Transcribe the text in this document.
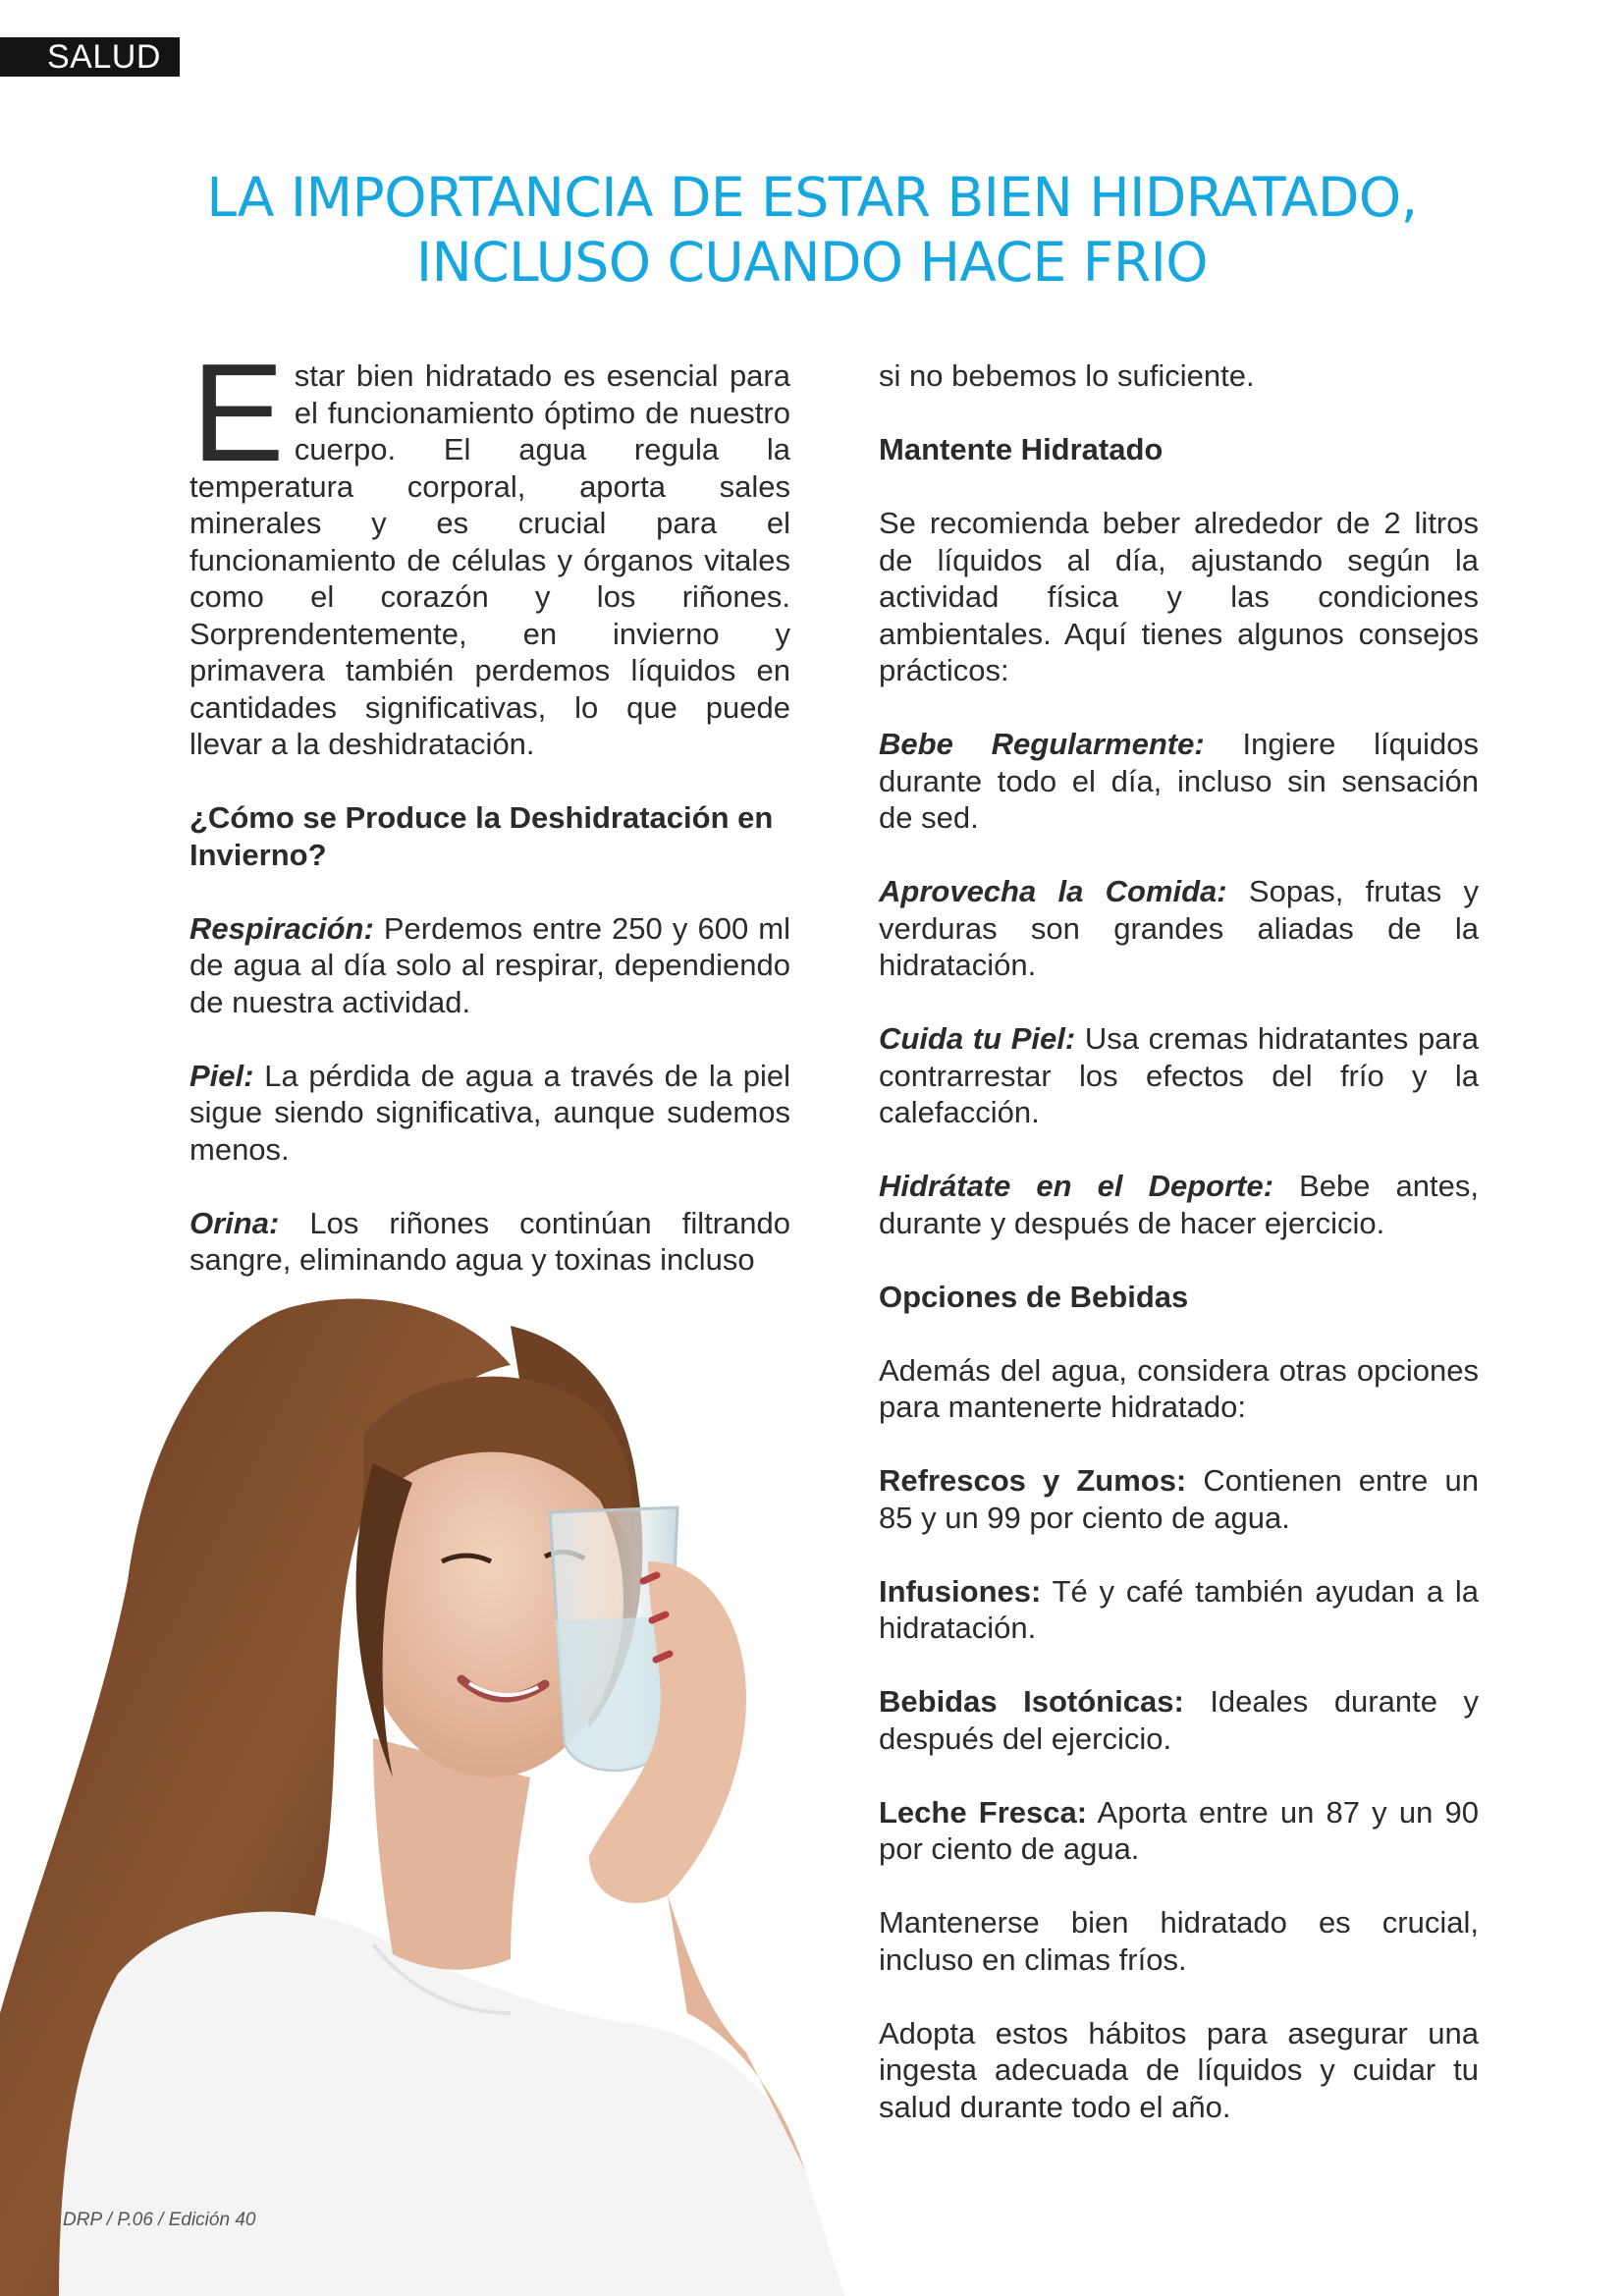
SALUD
LA IMPORTANCIA DE ESTAR BIEN HIDRATADO,
INCLUSO CUANDO HACE FRIO

Estar bien hidratado es esencial para el funcionamiento óptimo de nuestro cuerpo. El agua regula la temperatura corporal, aporta sales minerales y es crucial para el funcionamiento de células y órganos vitales como el corazón y los riñones. Sorprendentemente, en invierno y primavera también perdemos líquidos en cantidades significativas, lo que puede llevar a la deshidratación.

¿Cómo se Produce la Deshidratación en Invierno?

Respiración: Perdemos entre 250 y 600 ml de agua al día solo al respirar, dependiendo de nuestra actividad.

Piel: La pérdida de agua a través de la piel sigue siendo significativa, aunque sudemos menos.

Orina: Los riñones continúan filtrando sangre, eliminando agua y toxinas incluso

si no bebemos lo suficiente.

Mantente Hidratado

Se recomienda beber alrededor de 2 litros de líquidos al día, ajustando según la actividad física y las condiciones ambientales. Aquí tienes algunos consejos prácticos:

Bebe Regularmente: Ingiere líquidos durante todo el día, incluso sin sensación de sed.

Aprovecha la Comida: Sopas, frutas y verduras son grandes aliadas de la hidratación.

Cuida tu Piel: Usa cremas hidratantes para contrarrestar los efectos del frío y la calefacción.

Hidrátate en el Deporte: Bebe antes, durante y después de hacer ejercicio.

Opciones de Bebidas

Además del agua, considera otras opciones para mantenerte hidratado:

Refrescos y Zumos: Contienen entre un 85 y un 99 por ciento de agua.

Infusiones: Té y café también ayudan a la hidratación.

Bebidas Isotónicas: Ideales durante y después del ejercicio.

Leche Fresca: Aporta entre un 87 y un 90 por ciento de agua.

Mantenerse bien hidratado es crucial, incluso en climas fríos.

Adopta estos hábitos para asegurar una ingesta adecuada de líquidos y cuidar tu salud durante todo el año.

DRP / P.06 / Edición 40
